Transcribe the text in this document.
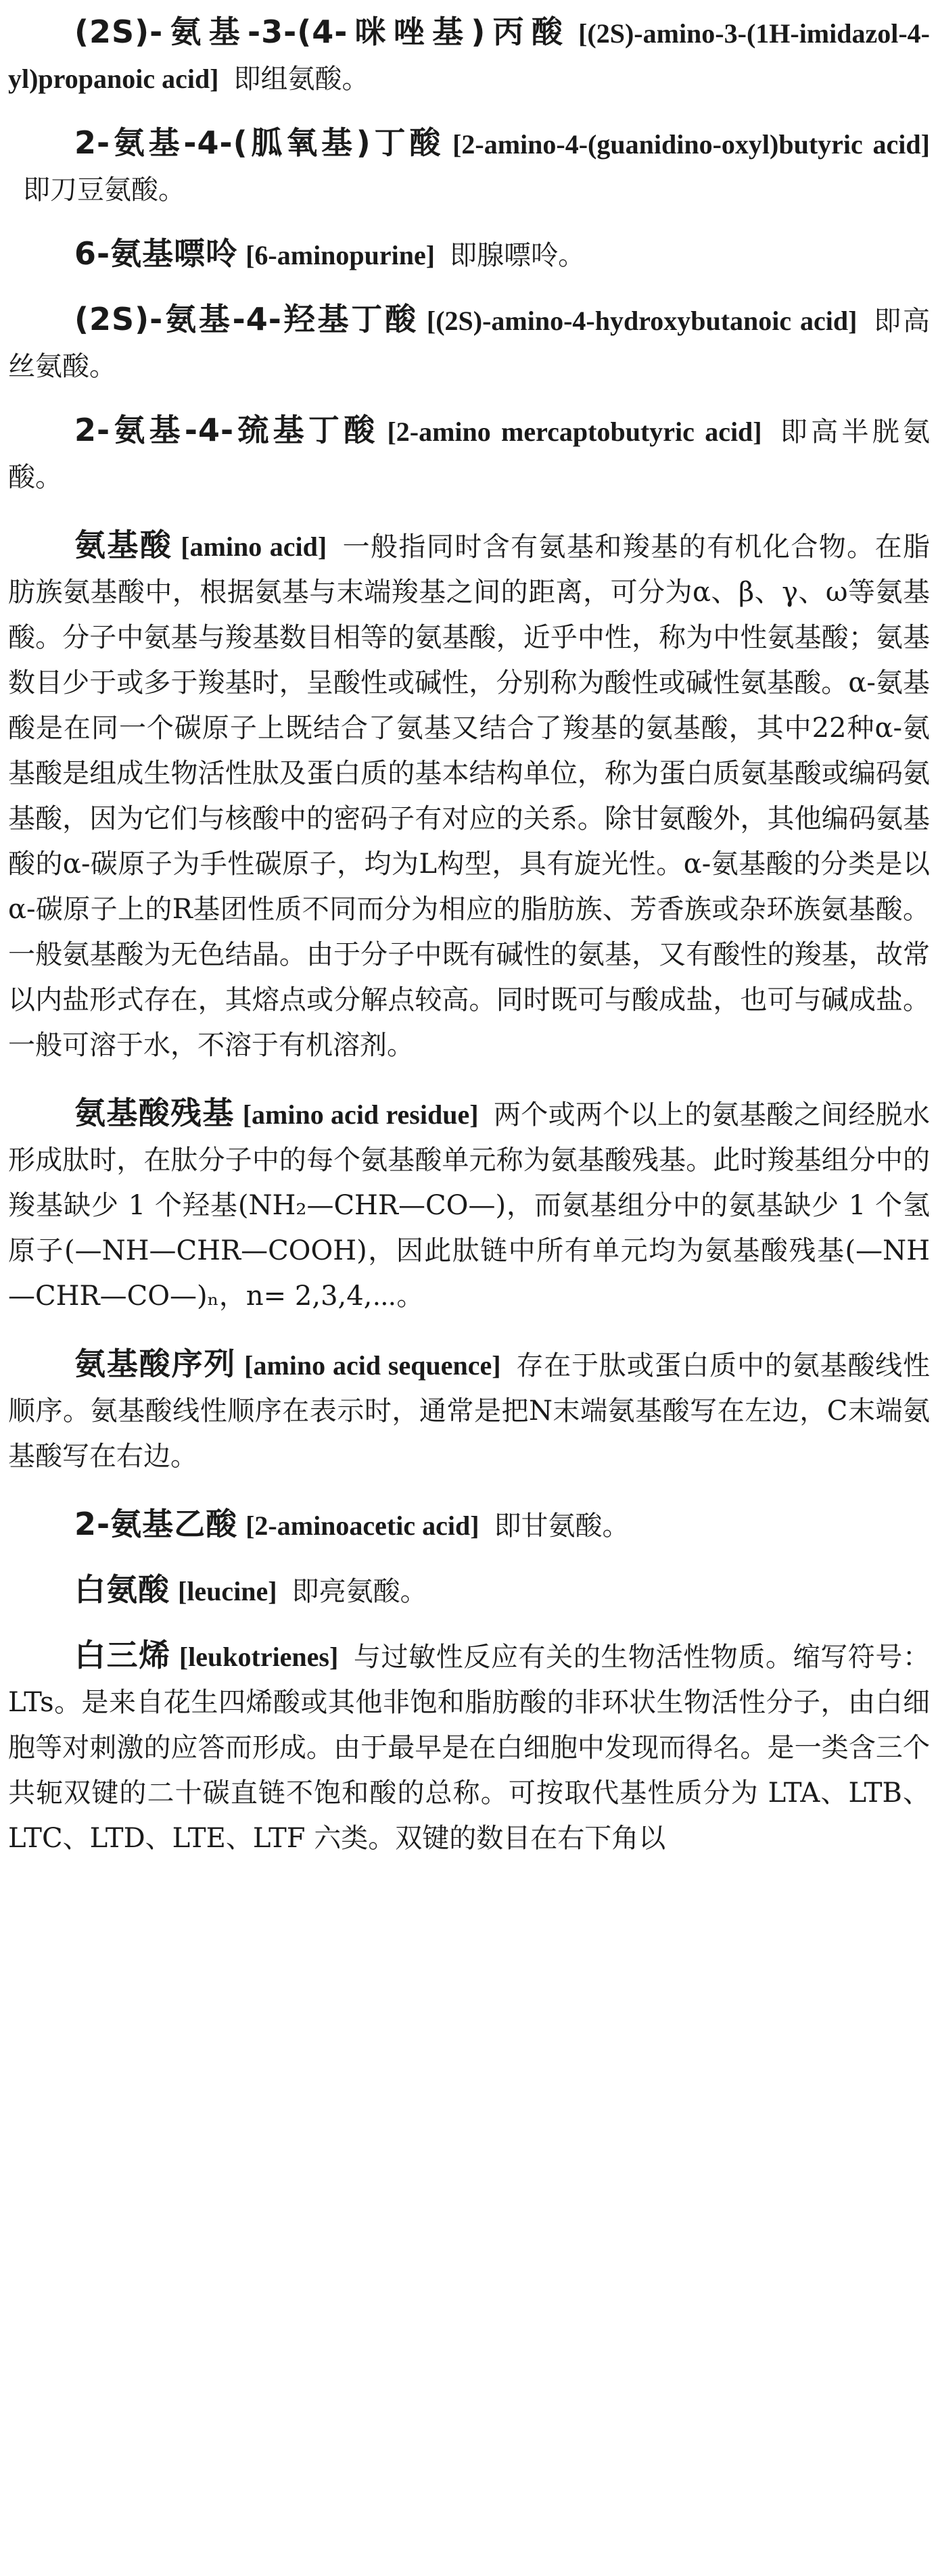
(2S)-氨基-3-(4-咪唑基)丙酸 [(2S)-amino-3-(1H-imidazol-4-yl)propanoic acid] 即组氨酸。

2-氨基-4-(胍氧基)丁酸 [2-amino-4-(guanidino-oxyl)butyric acid]即刀豆氨酸。

6-氨基嘌呤 [6-aminopurine] 即腺嘌呤。

(2S)-氨基-4-羟基丁酸 [(2S)-amino-4-hydroxybutanoic acid] 即高丝氨酸。

2-氨基-4-巯基丁酸 [2-amino mercaptobutyric acid] 即高半胱氨酸。

氨基酸 [amino acid] 一般指同时含有氨基和羧基的有机化合物。在脂肪族氨基酸中，根据氨基与末端羧基之间的距离，可分为α、β、γ、ω等氨基酸。分子中氨基与羧基数目相等的氨基酸，近乎中性，称为中性氨基酸；氨基数目少于或多于羧基时，呈酸性或碱性，分别称为酸性或碱性氨基酸。α-氨基酸是在同一个碳原子上既结合了氨基又结合了羧基的氨基酸，其中22种α-氨基酸是组成生物活性肽及蛋白质的基本结构单位，称为蛋白质氨基酸或编码氨基酸，因为它们与核酸中的密码子有对应的关系。除甘氨酸外，其他编码氨基酸的α-碳原子为手性碳原子，均为L构型，具有旋光性。α-氨基酸的分类是以α-碳原子上的R基团性质不同而分为相应的脂肪族、芳香族或杂环族氨基酸。一般氨基酸为无色结晶。由于分子中既有碱性的氨基，又有酸性的羧基，故常以内盐形式存在，其熔点或分解点较高。同时既可与酸成盐，也可与碱成盐。一般可溶于水，不溶于有机溶剂。

氨基酸残基 [amino acid residue] 两个或两个以上的氨基酸之间经脱水形成肽时，在肽分子中的每个氨基酸单元称为氨基酸残基。此时羧基组分中的羧基缺少 1 个羟基(NH₂—CHR—CO—)，而氨基组分中的氨基缺少 1 个氢原子(—NH—CHR—COOH)，因此肽链中所有单元均为氨基酸残基(—NH—CHR—CO—)ₙ，n= 2,3,4,⋯。

氨基酸序列 [amino acid sequence] 存在于肽或蛋白质中的氨基酸线性顺序。氨基酸线性顺序在表示时，通常是把N末端氨基酸写在左边，C末端氨基酸写在右边。

2-氨基乙酸 [2-aminoacetic acid] 即甘氨酸。

白氨酸 [leucine] 即亮氨酸。

白三烯 [leukotrienes] 与过敏性反应有关的生物活性物质。缩写符号：LTs。是来自花生四烯酸或其他非饱和脂肪酸的非环状生物活性分子，由白细胞等对刺激的应答而形成。由于最早是在白细胞中发现而得名。是一类含三个共轭双键的二十碳直链不饱和酸的总称。可按取代基性质分为 LTA、LTB、LTC、LTD、LTE、LTF 六类。双键的数目在右下角以
